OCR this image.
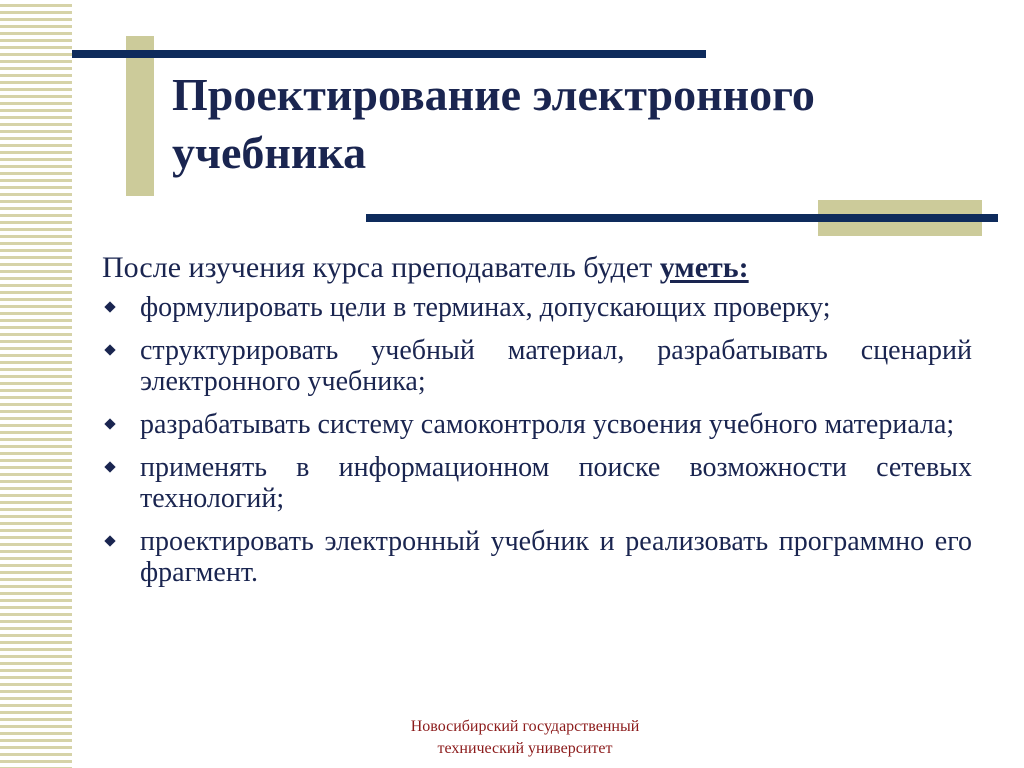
Проектирование электронного учебника

После изучения курса преподаватель будет уметь:

формулировать цели в терминах, допускающих проверку;
структурировать учебный материал, разрабатывать сценарий электронного учебника;
разрабатывать систему самоконтроля усвоения учебного материала;
применять в информационном поиске возможности сетевых технологий;
проектировать электронный учебник и реализовать программно его фрагмент.
Новосибирский государственный
технический университет
